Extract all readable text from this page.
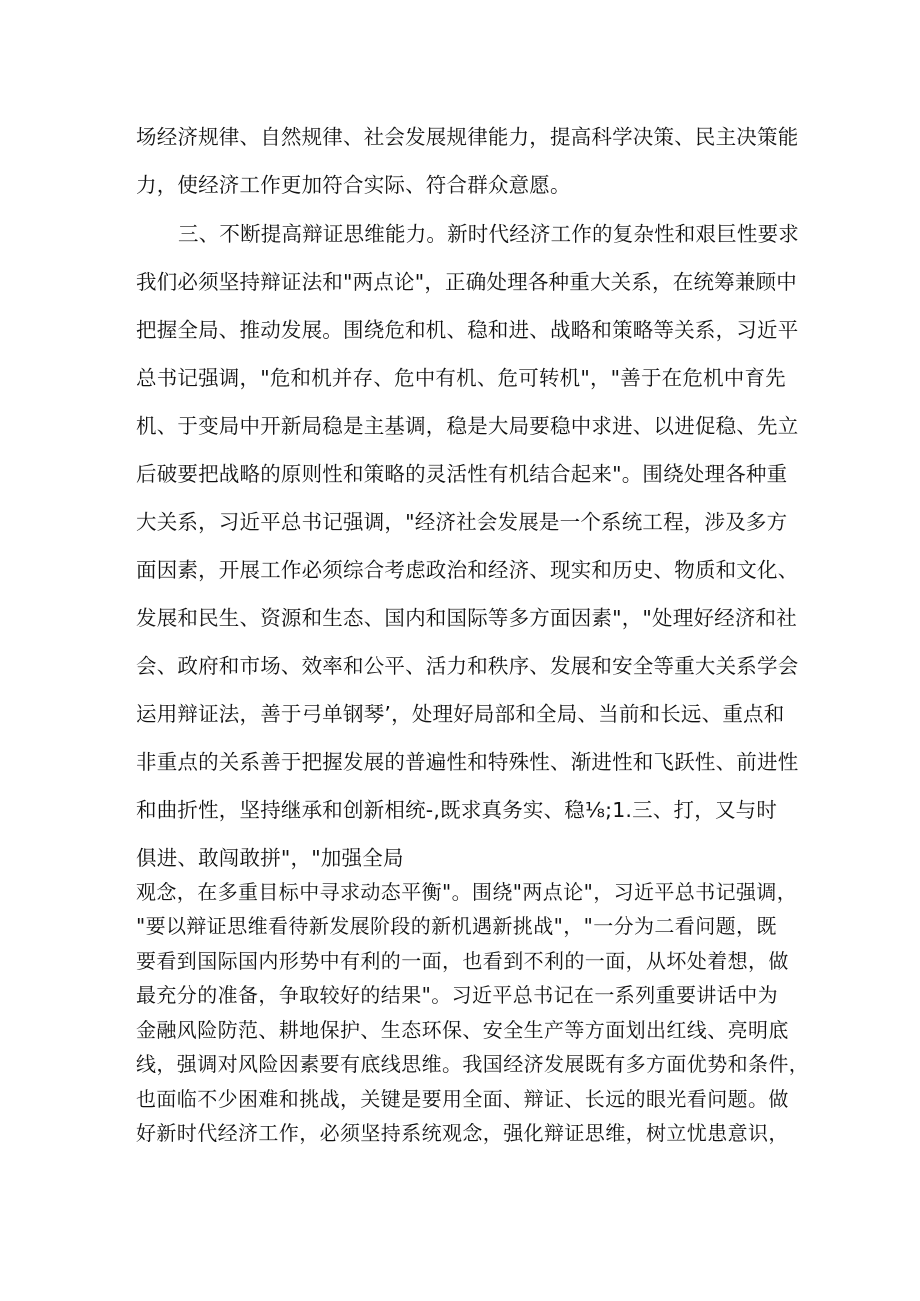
场经济规律、自然规律、社会发展规律能力，提高科学决策、民主决策能
力，使经济工作更加符合实际、符合群众意愿。
三、不断提高辩证思维能力。新时代经济工作的复杂性和艰巨性要求
我们必须坚持辩证法和"两点论"，正确处理各种重大关系，在统筹兼顾中
把握全局、推动发展。围绕危和机、稳和进、战略和策略等关系，习近平
总书记强调，"危和机并存、危中有机、危可转机"，"善于在危机中育先
机、于变局中开新局稳是主基调，稳是大局要稳中求进、以进促稳、先立
后破要把战略的原则性和策略的灵活性有机结合起来"。围绕处理各种重
大关系，习近平总书记强调，"经济社会发展是一个系统工程，涉及多方
面因素，开展工作必须综合考虑政治和经济、现实和历史、物质和文化、
发展和民生、资源和生态、国内和国际等多方面因素"，"处理好经济和社
会、政府和市场、效率和公平、活力和秩序、发展和安全等重大关系学会
运用辩证法，善于弓单钢琴’，处理好局部和全局、当前和长远、重点和
非重点的关系善于把握发展的普遍性和特殊性、渐进性和飞跃性、前进性
和曲折性，坚持继承和创新相统-,既求真务实、稳⅛;1.三、打，又与时
俱进、敢闯敢拼"，"加强全局
观念，在多重目标中寻求动态平衡"。围绕"两点论"，习近平总书记强调，
"要以辩证思维看待新发展阶段的新机遇新挑战"，"一分为二看问题，既
要看到国际国内形势中有利的一面，也看到不利的一面，从坏处着想，做
最充分的准备，争取较好的结果"。习近平总书记在一系列重要讲话中为
金融风险防范、耕地保护、生态环保、安全生产等方面划出红线、亮明底
线，强调对风险因素要有底线思维。我国经济发展既有多方面优势和条件，
也面临不少困难和挑战，关键是要用全面、辩证、长远的眼光看问题。做
好新时代经济工作，必须坚持系统观念，强化辩证思维，树立忧患意识，
